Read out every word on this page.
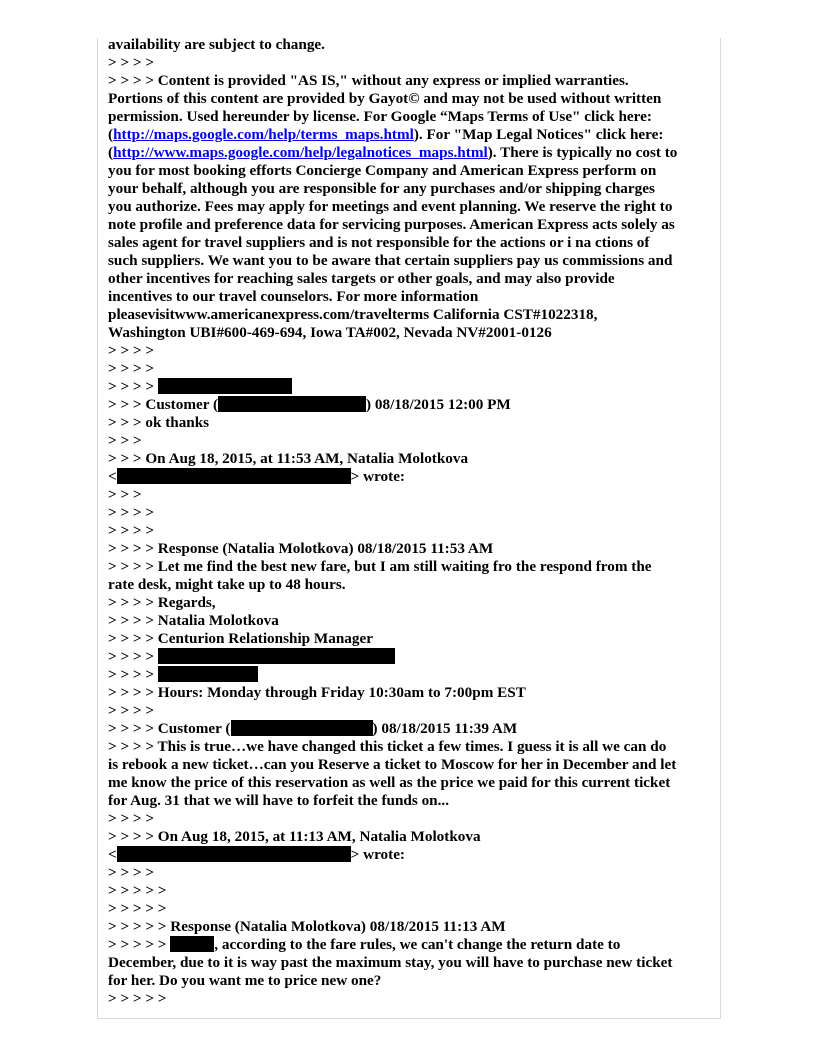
availability are subject to change.
> > > >
> > > > Content is provided "AS IS," without any express or implied warranties.
Portions of this content are provided by Gayot© and may not be used without written
permission. Used hereunder by license. For Google “Maps Terms of Use" click here:
(http://maps.google.com/help/terms_maps.html). For "Map Legal Notices" click here:
(http://www.maps.google.com/help/legalnotices_maps.html). There is typically no cost to
you for most booking efforts Concierge Company and American Express perform on
your behalf, although you are responsible for any purchases and/or shipping charges
you authorize. Fees may apply for meetings and event planning. We reserve the right to
note profile and preference data for servicing purposes. American Express acts solely as
sales agent for travel suppliers and is not responsible for the actions or i na ctions of
such suppliers. We want you to be aware that certain suppliers pay us commissions and
other incentives for reaching sales targets or other goals, and may also provide
incentives to our travel counselors. For more information
pleasevisitwww.americanexpress.com/travelterms California CST#1022318,
Washington UBI#600-469-694, Iowa TA#002, Nevada NV#2001-0126
> > > >
> > > >
> > > >
> > > Customer (	) 08/18/2015 12:00 PM
> > > ok thanks
> > >
> > > On Aug 18, 2015, at 11:53 AM, Natalia Molotkova
<	> wrote:
> > >
> > > >
> > > >
> > > > Response (Natalia Molotkova) 08/18/2015 11:53 AM
> > > > Let me find the best new fare, but I am still waiting fro the respond from the
rate desk, might take up to 48 hours.
> > > > Regards,
> > > > Natalia Molotkova
> > > > Centurion Relationship Manager
> > > >
> > > >
> > > > Hours: Monday through Friday 10:30am to 7:00pm EST
> > > >
> > > > Customer (	) 08/18/2015 11:39 AM
> > > > This is true…we have changed this ticket a few times. I guess it is all we can do
is rebook a new ticket…can you Reserve a ticket to Moscow for her in December and let
me know the price of this reservation as well as the price we paid for this current ticket
for Aug. 31 that we will have to forfeit the funds on...
> > > >
> > > > On Aug 18, 2015, at 11:13 AM, Natalia Molotkova
<	> wrote:
> > > >
> > > > >
> > > > >
> > > > > Response (Natalia Molotkova) 08/18/2015 11:13 AM
> > > > >	, according to the fare rules, we can't change the return date to
December, due to it is way past the maximum stay, you will have to purchase new ticket
for her. Do you want me to price new one?
> > > > >
